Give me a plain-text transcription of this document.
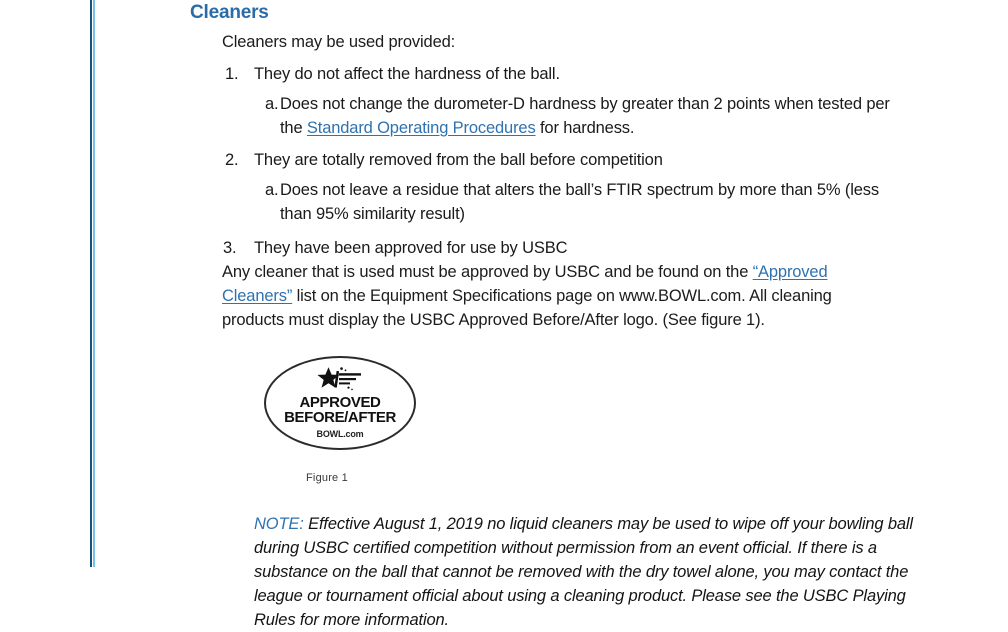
Cleaners

Cleaners may be used provided:

1. They do not affect the hardness of the ball.
a. Does not change the durometer-D hardness by greater than 2 points when tested per the Standard Operating Procedures for hardness.
2. They are totally removed from the ball before competition
a. Does not leave a residue that alters the ball’s FTIR spectrum by more than 5% (less than 95% similarity result)
3. They have been approved for use by USBC

Any cleaner that is used must be approved by USBC and be found on the “Approved Cleaners” list on the Equipment Specifications page on www.BOWL.com. All cleaning products must display the USBC Approved Before/After logo. (See figure 1).

APPROVED
BEFORE/AFTER
BOWL.com
Figure 1
NOTE: Effective August 1, 2019 no liquid cleaners may be used to wipe off your bowling ball during USBC certified competition without permission from an event official. If there is a substance on the ball that cannot be removed with the dry towel alone, you may contact the league or tournament official about using a cleaning product. Please see the USBC Playing Rules for more information.
